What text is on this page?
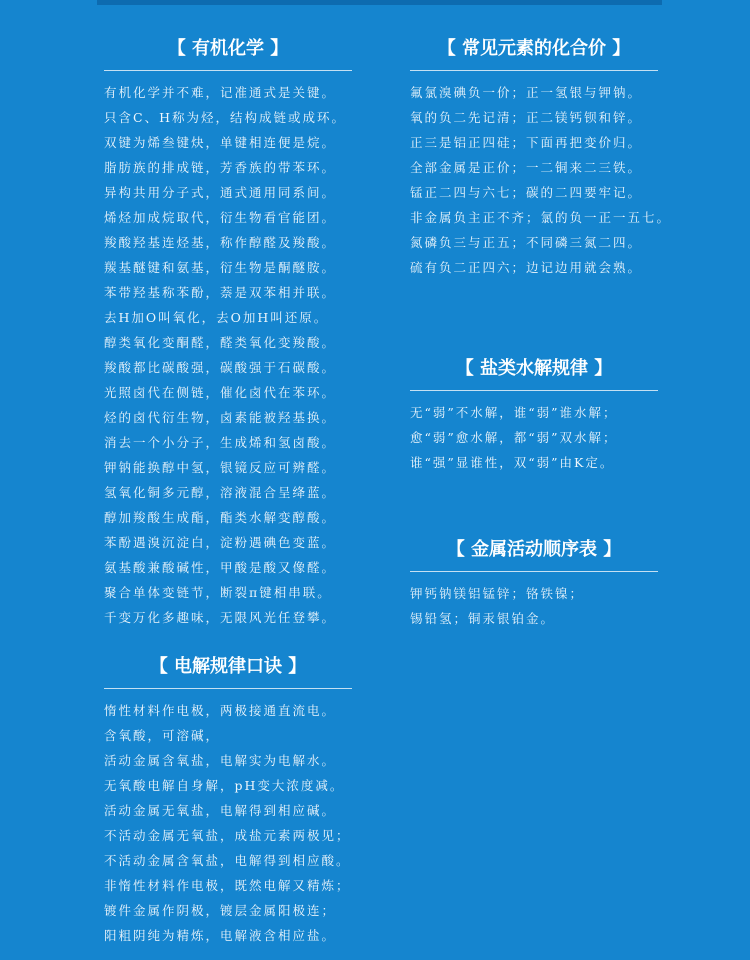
【 有机化学 】
有机化学并不难，记准通式是关键。
只含C、H称为烃，结构成链或成环。
双键为烯叁键炔，单键相连便是烷。
脂肪族的排成链，芳香族的带苯环。
异构共用分子式，通式通用同系间。
烯烃加成烷取代，衍生物看官能团。
羧酸羟基连烃基，称作醇醛及羧酸。
羰基醚键和氨基，衍生物是酮醚胺。
苯带羟基称苯酚，萘是双苯相并联。
去H加O叫氧化，去O加H叫还原。
醇类氧化变酮醛，醛类氧化变羧酸。
羧酸都比碳酸强，碳酸强于石碳酸。
光照卤代在侧链，催化卤代在苯环。
烃的卤代衍生物，卤素能被羟基换。
消去一个小分子，生成烯和氢卤酸。
钾钠能换醇中氢，银镜反应可辨醛。
氢氧化铜多元醇，溶液混合呈绛蓝。
醇加羧酸生成酯，酯类水解变醇酸。
苯酚遇溴沉淀白，淀粉遇碘色变蓝。
氨基酸兼酸碱性，甲酸是酸又像醛。
聚合单体变链节，断裂π键相串联。
千变万化多趣味，无限风光任登攀。
【 电解规律口诀 】
惰性材料作电极，两极接通直流电。
含氧酸，可溶碱，
活动金属含氧盐，电解实为电解水。
无氧酸电解自身解，pH变大浓度减。
活动金属无氧盐，电解得到相应碱。
不活动金属无氧盐，成盐元素两极见；
不活动金属含氧盐，电解得到相应酸。
非惰性材料作电极，既然电解又精炼；
镀件金属作阴极，镀层金属阳极连；
阳粗阴纯为精炼，电解液含相应盐。
【 常见元素的化合价 】
氟氯溴碘负一价；正一氢银与钾钠。
氧的负二先记清；正二镁钙钡和锌。
正三是铝正四硅；下面再把变价归。
全部金属是正价；一二铜来二三铁。
锰正二四与六七；碳的二四要牢记。
非金属负主正不齐；氯的负一正一五七。
氮磷负三与正五；不同磷三氮二四。
硫有负二正四六；边记边用就会熟。
【 盐类水解规律 】
无“弱”不水解，谁“弱”谁水解；
愈“弱”愈水解，都“弱”双水解；
谁“强”显谁性，双“弱”由K定。
【 金属活动顺序表 】
钾钙钠镁铝锰锌；铬铁镍；
锡铅氢；铜汞银铂金。
